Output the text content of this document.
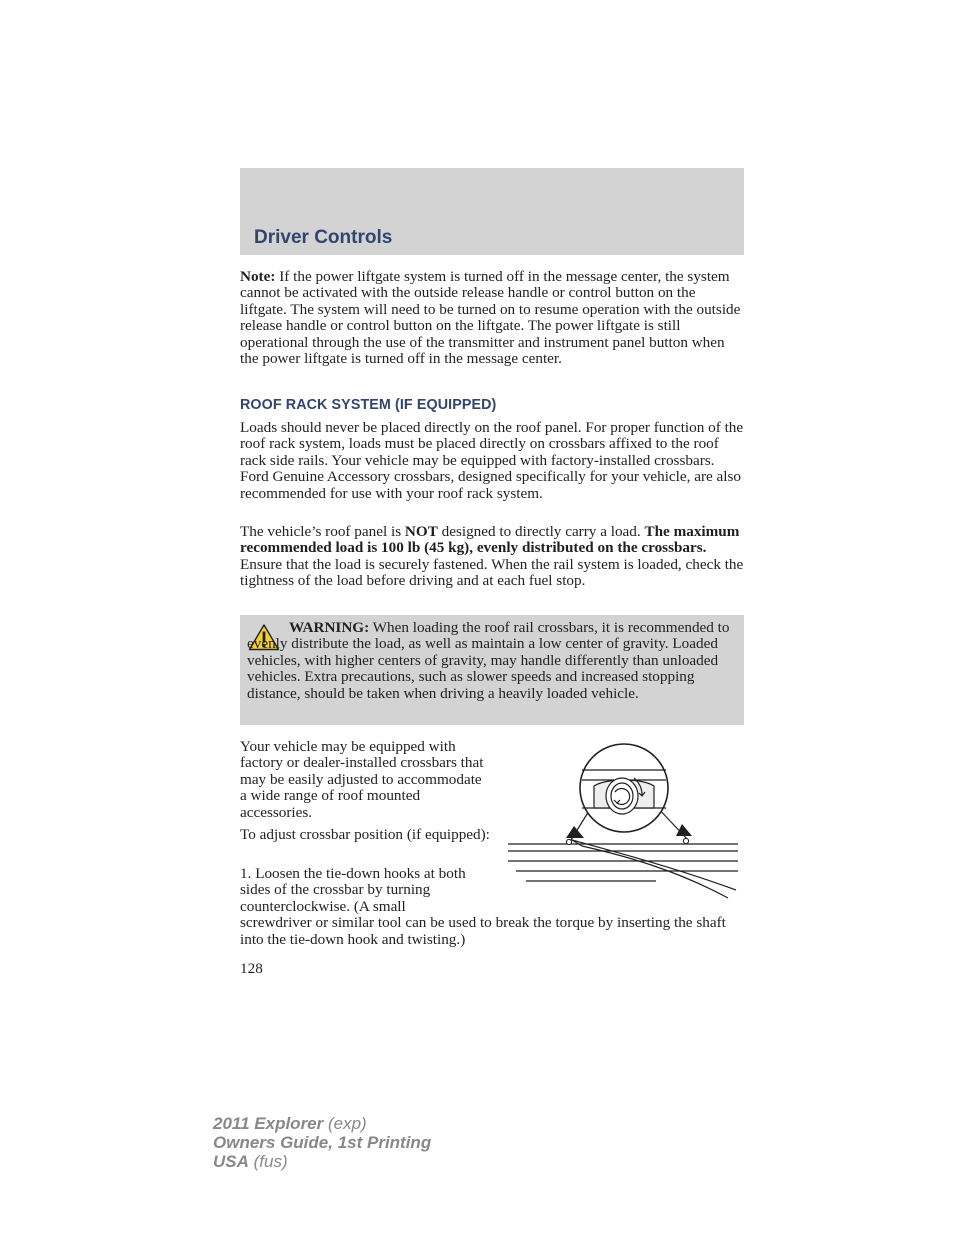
Driver Controls

Note: If the power liftgate system is turned off in the message center, the system cannot be activated with the outside release handle or control button on the liftgate. The system will need to be turned on to resume operation with the outside release handle or control button on the liftgate. The power liftgate is still operational through the use of the transmitter and instrument panel button when the power liftgate is turned off in the message center.

ROOF RACK SYSTEM (IF EQUIPPED)

Loads should never be placed directly on the roof panel. For proper function of the roof rack system, loads must be placed directly on crossbars affixed to the roof rack side rails. Your vehicle may be equipped with factory-installed crossbars. Ford Genuine Accessory crossbars, designed specifically for your vehicle, are also recommended for use with your roof rack system.

The vehicle’s roof panel is NOT designed to directly carry a load. The maximum recommended load is 100 lb (45 kg), evenly distributed on the crossbars. Ensure that the load is securely fastened. When the rail system is loaded, check the tightness of the load before driving and at each fuel stop.

WARNING: When loading the roof rail crossbars, it is recommended to evenly distribute the load, as well as maintain a low center of gravity. Loaded vehicles, with higher centers of gravity, may handle differently than unloaded vehicles. Extra precautions, such as slower speeds and increased stopping distance, should be taken when driving a heavily loaded vehicle.

Your vehicle may be equipped with factory or dealer-installed crossbars that may be easily adjusted to accommodate a wide range of roof mounted accessories.

To adjust crossbar position (if equipped):

1. Loosen the tie-down hooks at both sides of the crossbar by turning counterclockwise. (A small
screwdriver or similar tool can be used to break the torque by inserting the shaft into the tie-down hook and twisting.)

128
2011 Explorer (exp)
Owners Guide, 1st Printing
USA (fus)
